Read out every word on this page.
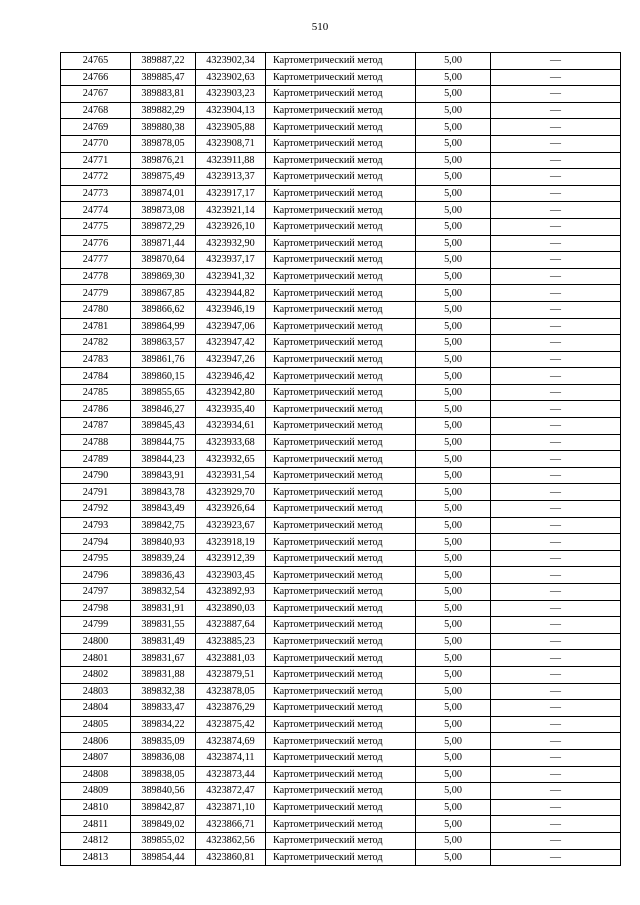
510
24765	389887,22	4323902,34	Картометрический метод	5,00	—
24766	389885,47	4323902,63	Картометрический метод	5,00	—
24767	389883,81	4323903,23	Картометрический метод	5,00	—
24768	389882,29	4323904,13	Картометрический метод	5,00	—
24769	389880,38	4323905,88	Картометрический метод	5,00	—
24770	389878,05	4323908,71	Картометрический метод	5,00	—
24771	389876,21	4323911,88	Картометрический метод	5,00	—
24772	389875,49	4323913,37	Картометрический метод	5,00	—
24773	389874,01	4323917,17	Картометрический метод	5,00	—
24774	389873,08	4323921,14	Картометрический метод	5,00	—
24775	389872,29	4323926,10	Картометрический метод	5,00	—
24776	389871,44	4323932,90	Картометрический метод	5,00	—
24777	389870,64	4323937,17	Картометрический метод	5,00	—
24778	389869,30	4323941,32	Картометрический метод	5,00	—
24779	389867,85	4323944,82	Картометрический метод	5,00	—
24780	389866,62	4323946,19	Картометрический метод	5,00	—
24781	389864,99	4323947,06	Картометрический метод	5,00	—
24782	389863,57	4323947,42	Картометрический метод	5,00	—
24783	389861,76	4323947,26	Картометрический метод	5,00	—
24784	389860,15	4323946,42	Картометрический метод	5,00	—
24785	389855,65	4323942,80	Картометрический метод	5,00	—
24786	389846,27	4323935,40	Картометрический метод	5,00	—
24787	389845,43	4323934,61	Картометрический метод	5,00	—
24788	389844,75	4323933,68	Картометрический метод	5,00	—
24789	389844,23	4323932,65	Картометрический метод	5,00	—
24790	389843,91	4323931,54	Картометрический метод	5,00	—
24791	389843,78	4323929,70	Картометрический метод	5,00	—
24792	389843,49	4323926,64	Картометрический метод	5,00	—
24793	389842,75	4323923,67	Картометрический метод	5,00	—
24794	389840,93	4323918,19	Картометрический метод	5,00	—
24795	389839,24	4323912,39	Картометрический метод	5,00	—
24796	389836,43	4323903,45	Картометрический метод	5,00	—
24797	389832,54	4323892,93	Картометрический метод	5,00	—
24798	389831,91	4323890,03	Картометрический метод	5,00	—
24799	389831,55	4323887,64	Картометрический метод	5,00	—
24800	389831,49	4323885,23	Картометрический метод	5,00	—
24801	389831,67	4323881,03	Картометрический метод	5,00	—
24802	389831,88	4323879,51	Картометрический метод	5,00	—
24803	389832,38	4323878,05	Картометрический метод	5,00	—
24804	389833,47	4323876,29	Картометрический метод	5,00	—
24805	389834,22	4323875,42	Картометрический метод	5,00	—
24806	389835,09	4323874,69	Картометрический метод	5,00	—
24807	389836,08	4323874,11	Картометрический метод	5,00	—
24808	389838,05	4323873,44	Картометрический метод	5,00	—
24809	389840,56	4323872,47	Картометрический метод	5,00	—
24810	389842,87	4323871,10	Картометрический метод	5,00	—
24811	389849,02	4323866,71	Картометрический метод	5,00	—
24812	389855,02	4323862,56	Картометрический метод	5,00	—
24813	389854,44	4323860,81	Картометрический метод	5,00	—
